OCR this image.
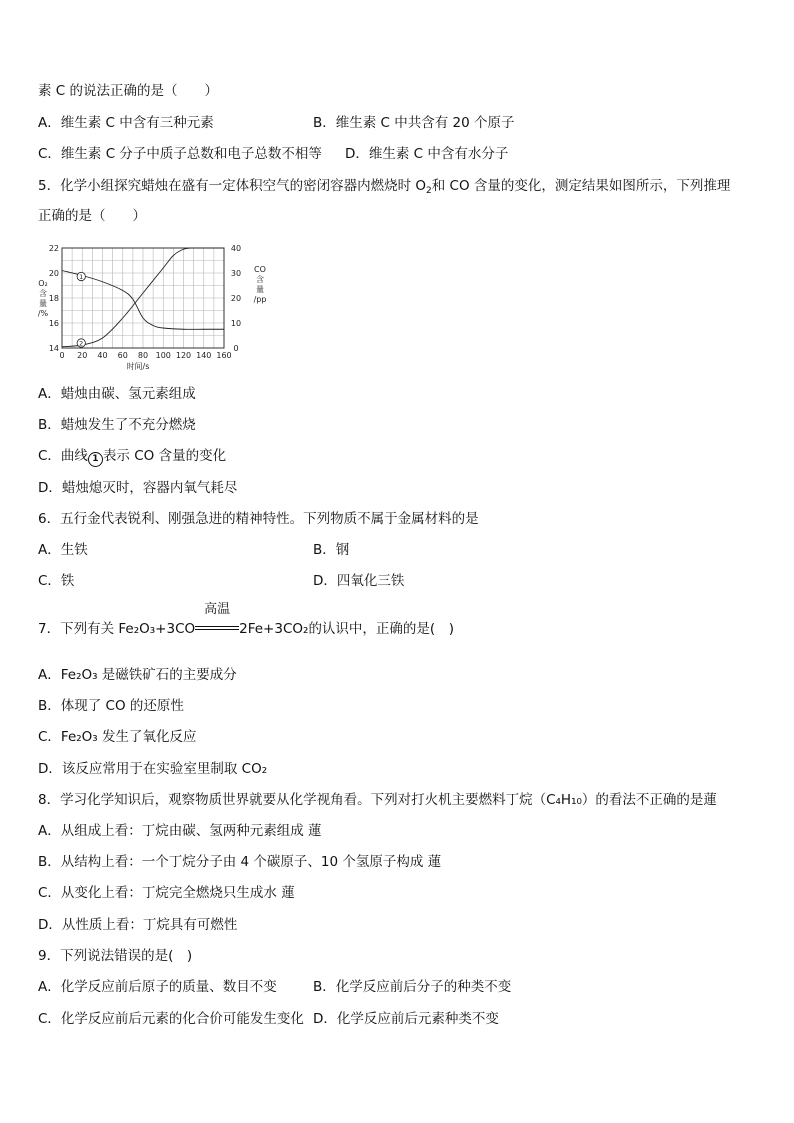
素 C 的说法正确的是（　　）
A．维生素 C 中含有三种元素	B．维生素 C 中共含有 20 个原子
C．维生素 C 分子中质子总数和电子总数不相等 D．维生素 C 中含有水分子
5．化学小组探究蜡烛在盛有一定体积空气的密闭容器内燃烧时 $O_2$和 CO 含量的变化，测定结果如图所示，下列推理
正确的是（　　）
0 20 40 60 80 100 120 140 160
14
16
18
20
22
0
10
20
30
40
1
2
时间/s
O₂
含
量
/%
CO
含
量
/pp
A．蜡烛由碳、氢元素组成
B．蜡烛发生了不充分燃烧
C．曲线 1 表示 CO 含量的变化
D．蜡烛熄灭时，容器内氧气耗尽
6．五行金代表锐利、刚强急进的精神特性。下列物质不属于金属材料的是
A．生铁	B．钢
C．铁	D．四氧化三铁
7．下列有关 Fe₂O₃+3CO
高温
2Fe+3CO₂的认识中，正确的是(　)
A．Fe₂O₃ 是磁铁矿石的主要成分
B．体现了 CO 的还原性
C．Fe₂O₃ 发生了氧化反应
D．该反应常用于在实验室里制取 CO₂
8．学习化学知识后，观察物质世界就要从化学视角看。下列对打火机主要燃料丁烷（C₄H₁₀）的看法不正确的是蓮
A．从组成上看：丁烷由碳、氢两种元素组成 蓮
B．从结构上看：一个丁烷分子由 4 个碳原子、10 个氢原子构成 蓮
C．从变化上看：丁烷完全燃烧只生成水 蓮
D．从性质上看：丁烷具有可燃性
9．下列说法错误的是(　)
A．化学反应前后原子的质量、数目不变	B．化学反应前后分子的种类不变
C．化学反应前后元素的化合价可能发生变化 D．化学反应前后元素种类不变
